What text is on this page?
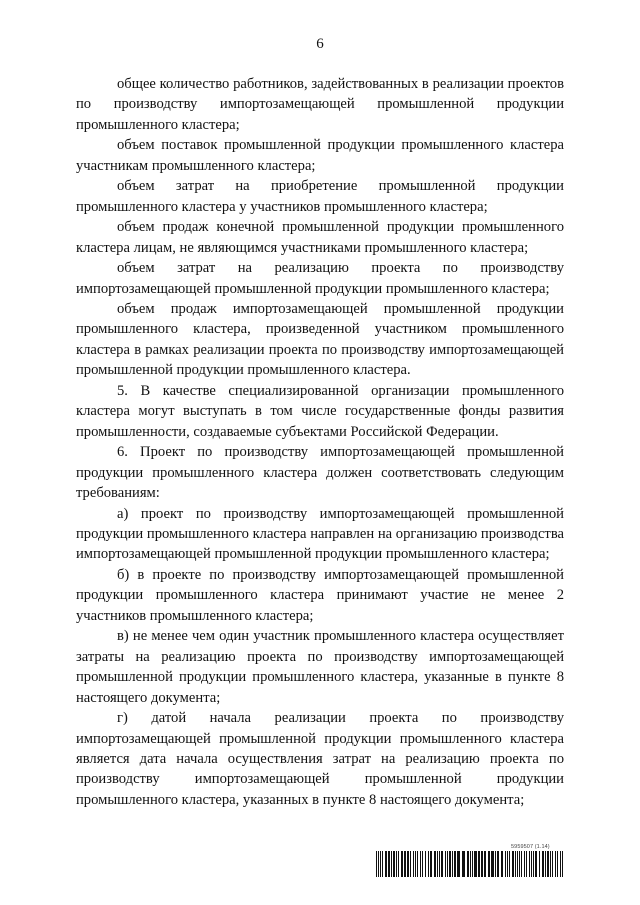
6

общее количество работников, задействованных в реализации проектов по производству импортозамещающей промышленной продукции промышленного кластера;

объем поставок промышленной продукции промышленного кластера участникам промышленного кластера;

объем затрат на приобретение промышленной продукции промышленного кластера у участников промышленного кластера;

объем продаж конечной промышленной продукции промышленного кластера лицам, не являющимся участниками промышленного кластера;

объем затрат на реализацию проекта по производству импортозамещающей промышленной продукции промышленного кластера;

объем продаж импортозамещающей промышленной продукции промышленного кластера, произведенной участником промышленного кластера в рамках реализации проекта по производству импортозамещающей промышленной продукции промышленного кластера.

5. В качестве специализированной организации промышленного кластера могут выступать в том числе государственные фонды развития промышленности, создаваемые субъектами Российской Федерации.

6. Проект по производству импортозамещающей промышленной продукции промышленного кластера должен соответствовать следующим требованиям:

а) проект по производству импортозамещающей промышленной продукции промышленного кластера направлен на организацию производства импортозамещающей промышленной продукции промышленного кластера;

б) в проекте по производству импортозамещающей промышленной продукции промышленного кластера принимают участие не менее 2 участников промышленного кластера;

в) не менее чем один участник промышленного кластера осуществляет затраты на реализацию проекта по производству импортозамещающей промышленной продукции промышленного кластера, указанные в пункте 8 настоящего документа;

г) датой начала реализации проекта по производству импортозамещающей промышленной продукции промышленного кластера является дата начала осуществления затрат на реализацию проекта по производству импортозамещающей промышленной продукции промышленного кластера, указанных в пункте 8 настоящего документа;

5959507 (1.14)
